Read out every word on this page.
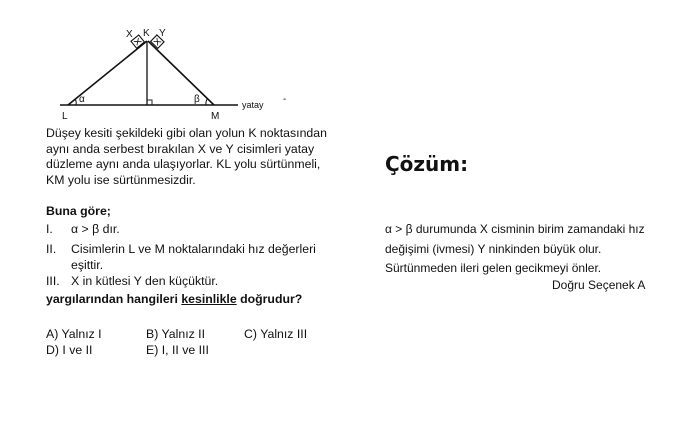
X K Y
L	M
α	β	yatay -
Düşey kesiti şekildeki gibi olan yolun K noktasından aynı anda serbest bırakılan X ve Y cisimleri yatay düzleme aynı anda ulaşıyorlar. KL yolu sürtünmeli, KM yolu ise sürtünmesizdir.
Buna göre;
I. α > β dır.
II. Cisimlerin L ve M noktalarındaki hız değerleri eşittir.
III. X in kütlesi Y den küçüktür.
yargılarından hangileri kesinlikle doğrudur?
A) Yalnız I	B) Yalnız II	C) Yalnız III
D) I ve II	E) I, II ve III
Çözüm:
α > β durumunda X cisminin birim zamandaki hız değişimi (ivmesi) Y ninkinden büyük olur. Sürtünmeden ileri gelen gecikmeyi önler.
Doğru Seçenek A
